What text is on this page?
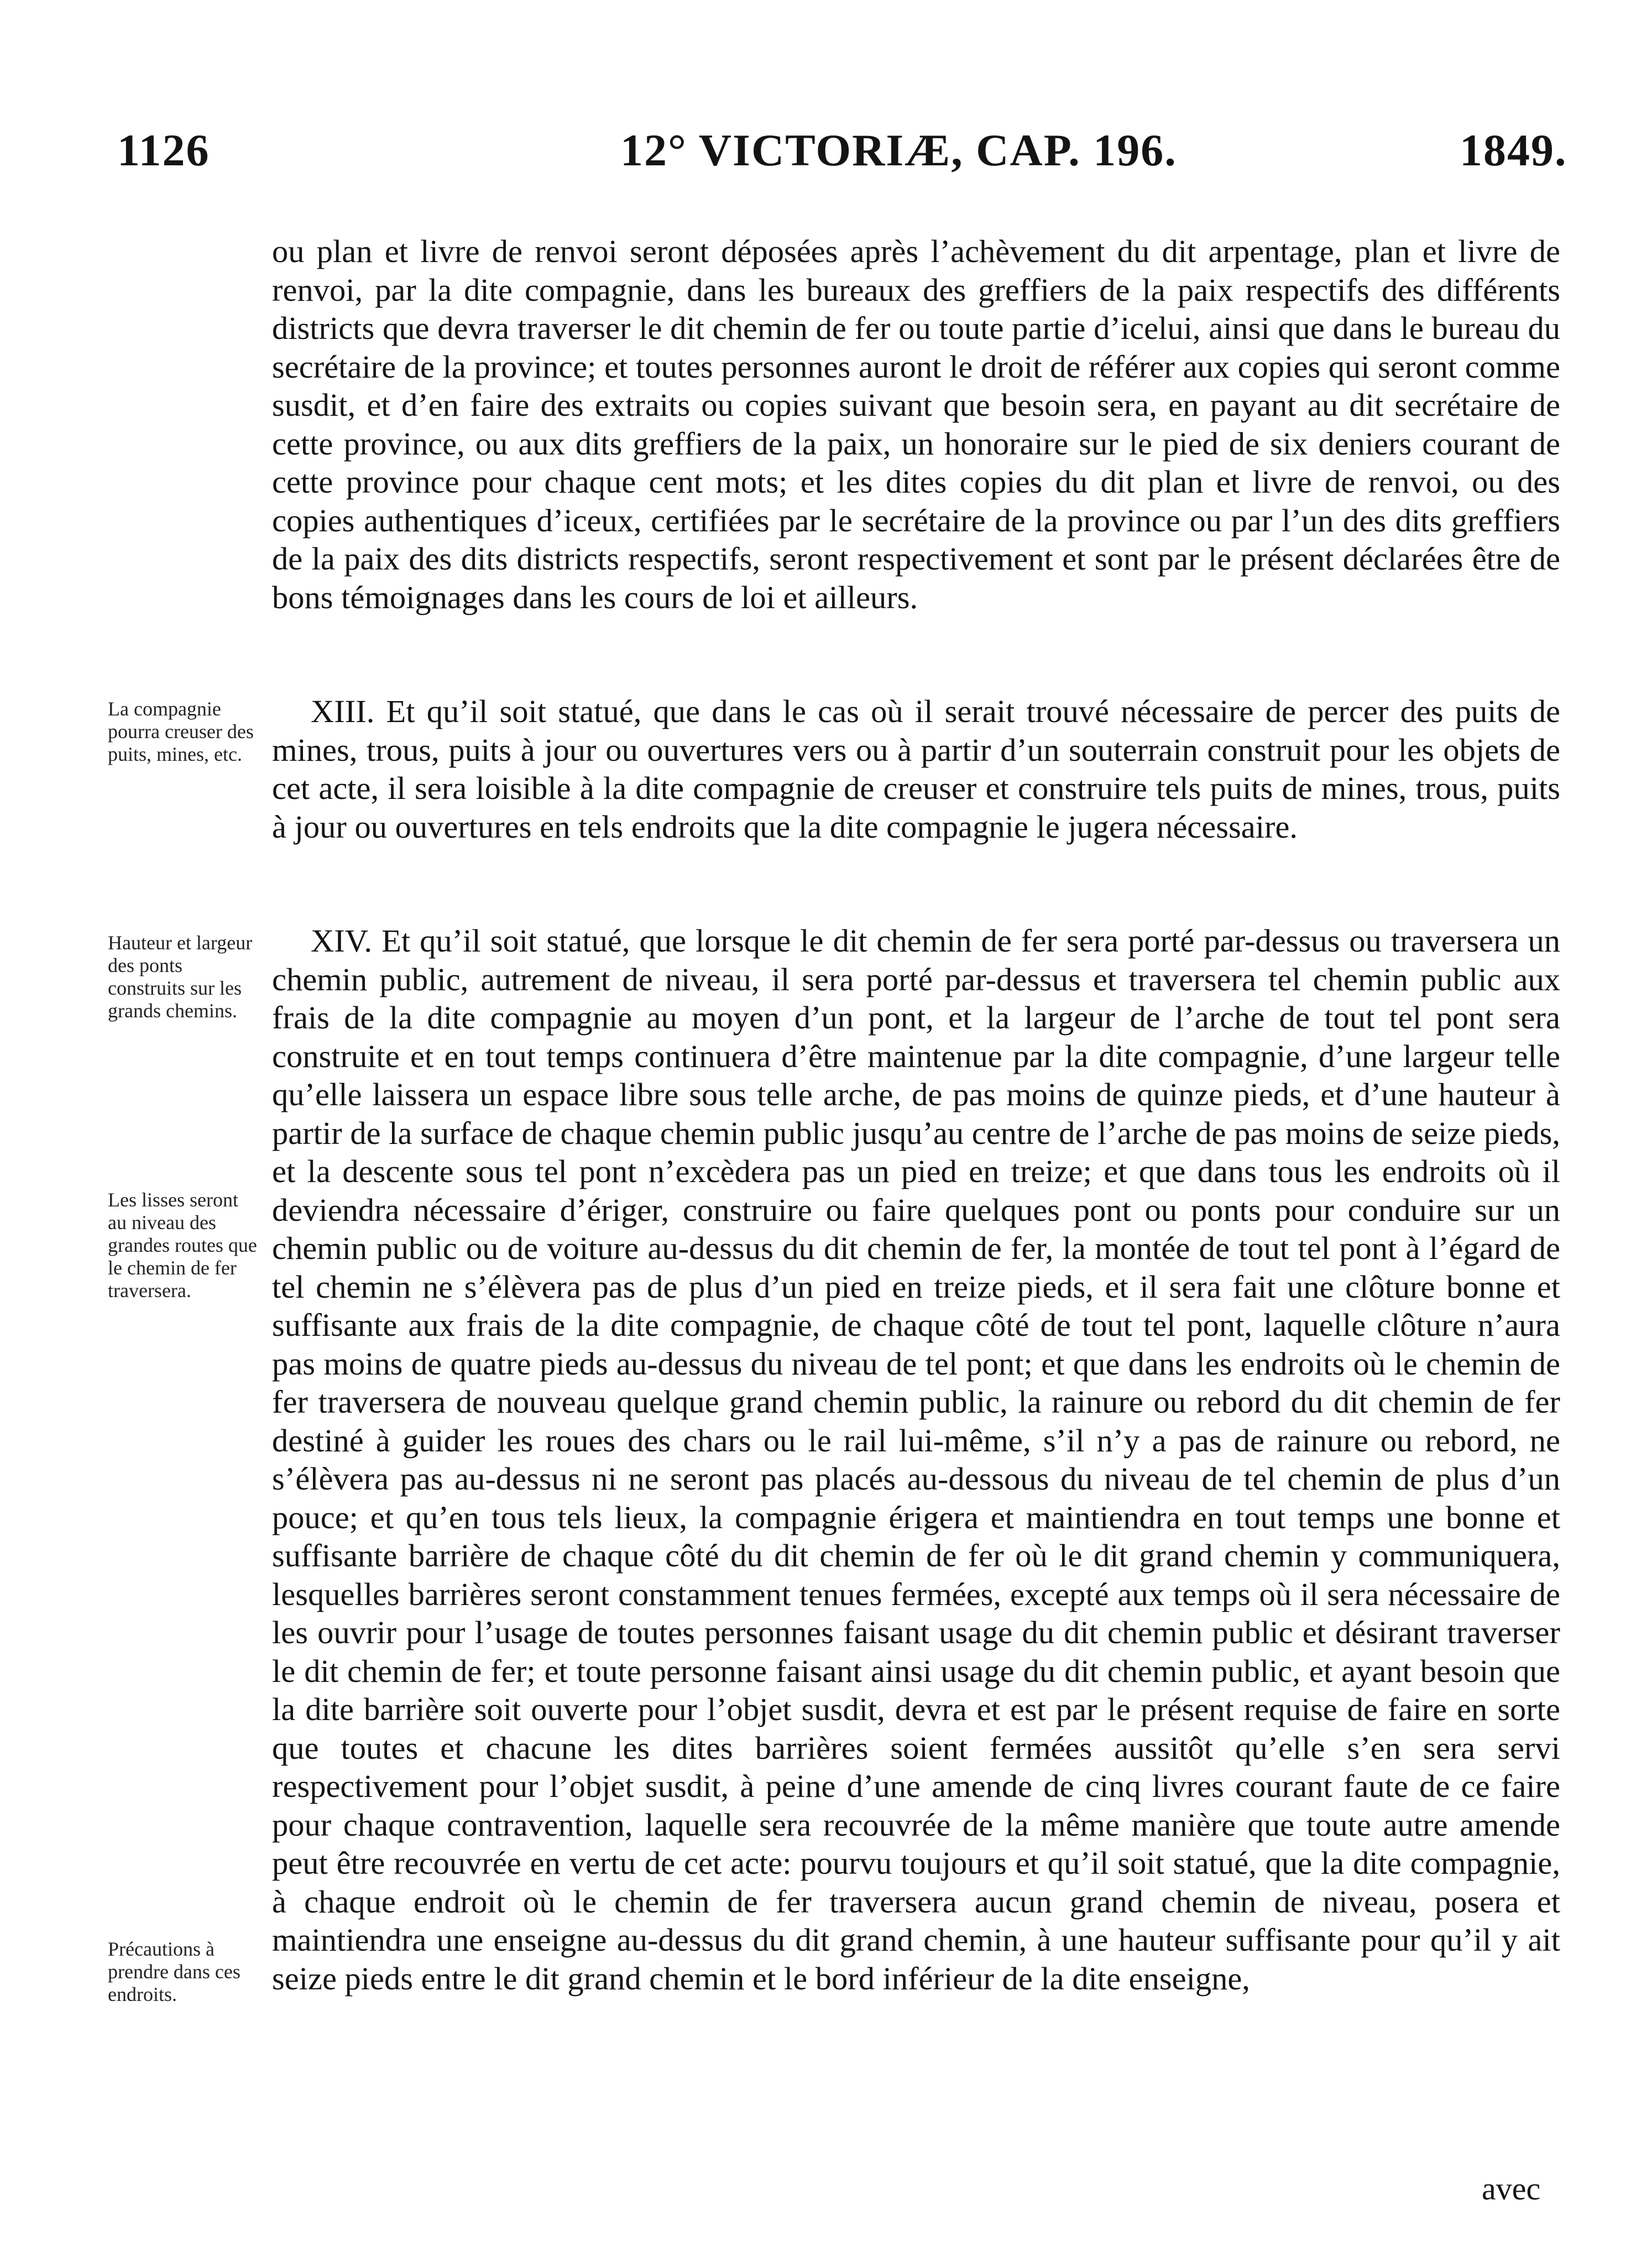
1126	12° VICTORIÆ, CAP. 196.	1849.

ou plan et livre de renvoi seront déposées après l’achèvement du dit arpentage, plan et livre de renvoi, par la dite compagnie, dans les bureaux des greffiers de la paix respectifs des différents districts que devra traverser le dit chemin de fer ou toute partie d’icelui, ainsi que dans le bureau du secrétaire de la province; et toutes personnes auront le droit de référer aux copies qui seront comme susdit, et d’en faire des extraits ou copies suivant que besoin sera, en payant au dit secrétaire de cette province, ou aux dits greffiers de la paix, un honoraire sur le pied de six deniers courant de cette province pour chaque cent mots; et les dites copies du dit plan et livre de renvoi, ou des copies authentiques d’iceux, certifiées par le secrétaire de la province ou par l’un des dits greffiers de la paix des dits districts respectifs, seront respectivement et sont par le présent déclarées être de bons témoignages dans les cours de loi et ailleurs.

XIII. Et qu’il soit statué, que dans le cas où il serait trouvé nécessaire de percer des puits de mines, trous, puits à jour ou ouvertures vers ou à partir d’un souterrain construit pour les objets de cet acte, il sera loisible à la dite compagnie de creuser et construire tels puits de mines, trous, puits à jour ou ouvertures en tels endroits que la dite compagnie le jugera nécessaire.

XIV. Et qu’il soit statué, que lorsque le dit chemin de fer sera porté par-dessus ou traversera un chemin public, autrement de niveau, il sera porté par-dessus et traversera tel chemin public aux frais de la dite compagnie au moyen d’un pont, et la largeur de l’arche de tout tel pont sera construite et en tout temps continuera d’être maintenue par la dite compagnie, d’une largeur telle qu’elle laissera un espace libre sous telle arche, de pas moins de quinze pieds, et d’une hauteur à partir de la surface de chaque chemin public jusqu’au centre de l’arche de pas moins de seize pieds, et la descente sous tel pont n’excèdera pas un pied en treize; et que dans tous les endroits où il deviendra nécessaire d’ériger, construire ou faire quelques pont ou ponts pour conduire sur un chemin public ou de voiture au-dessus du dit chemin de fer, la montée de tout tel pont à l’égard de tel chemin ne s’élèvera pas de plus d’un pied en treize pieds, et il sera fait une clôture bonne et suffisante aux frais de la dite compagnie, de chaque côté de tout tel pont, laquelle clôture n’aura pas moins de quatre pieds au-dessus du niveau de tel pont; et que dans les endroits où le chemin de fer traversera de nouveau quelque grand chemin public, la rainure ou rebord du dit chemin de fer destiné à guider les roues des chars ou le rail lui-même, s’il n’y a pas de rainure ou rebord, ne s’élèvera pas au-dessus ni ne seront pas placés au-dessous du niveau de tel chemin de plus d’un pouce; et qu’en tous tels lieux, la compagnie érigera et maintiendra en tout temps une bonne et suffisante barrière de chaque côté du dit chemin de fer où le dit grand chemin y communiquera, lesquelles barrières seront constamment tenues fermées, excepté aux temps où il sera nécessaire de les ouvrir pour l’usage de toutes personnes faisant usage du dit chemin public et désirant traverser le dit chemin de fer; et toute personne faisant ainsi usage du dit chemin public, et ayant besoin que la dite barrière soit ouverte pour l’objet susdit, devra et est par le présent requise de faire en sorte que toutes et chacune les dites barrières soient fermées aussitôt qu’elle s’en sera servi respectivement pour l’objet susdit, à peine d’une amende de cinq livres courant faute de ce faire pour chaque contravention, laquelle sera recouvrée de la même manière que toute autre amende peut être recouvrée en vertu de cet acte: pourvu toujours et qu’il soit statué, que la dite compagnie, à chaque endroit où le chemin de fer traversera aucun grand chemin de niveau, posera et maintiendra une enseigne au-dessus du dit grand chemin, à une hauteur suffisante pour qu’il y ait seize pieds entre le dit grand chemin et le bord inférieur de la dite enseigne,

avec
La compagnie pourra creuser des puits, mines, etc.
Hauteur et largeur des ponts construits sur les grands chemins.
Les lisses seront au niveau des grandes routes que le chemin de fer traversera.
Précautions à prendre dans ces endroits.
